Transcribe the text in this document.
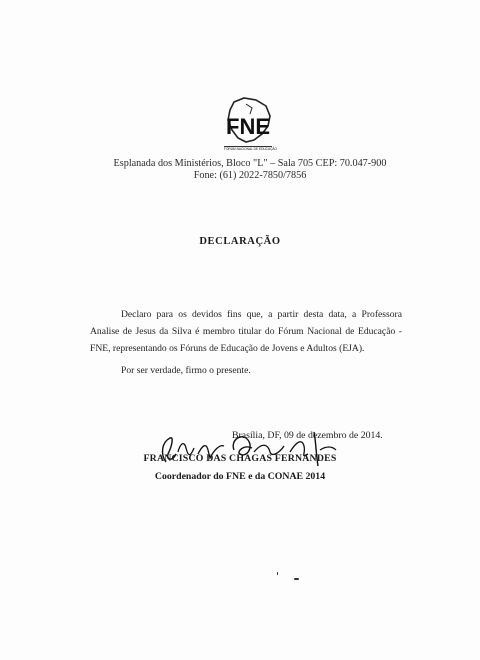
FNE
FÓRUM NACIONAL DE EDUCAÇÃO
Esplanada dos Ministérios, Bloco "L" – Sala 705 CEP: 70.047-900
Fone: (61) 2022-7850/7856
DECLARAÇÃO

Declaro para os devidos fins que, a partir desta data, a Professora Analise de Jesus da Silva é membro titular do Fórum Nacional de Educação - FNE, representando os Fóruns de Educação de Jovens e Adultos (EJA).

Por ser verdade, firmo o presente.

Brasília, DF, 09 de dezembro de 2014.
FRANCISCO DAS CHAGAS FERNANDES
Coordenador do FNE e da CONAE 2014
